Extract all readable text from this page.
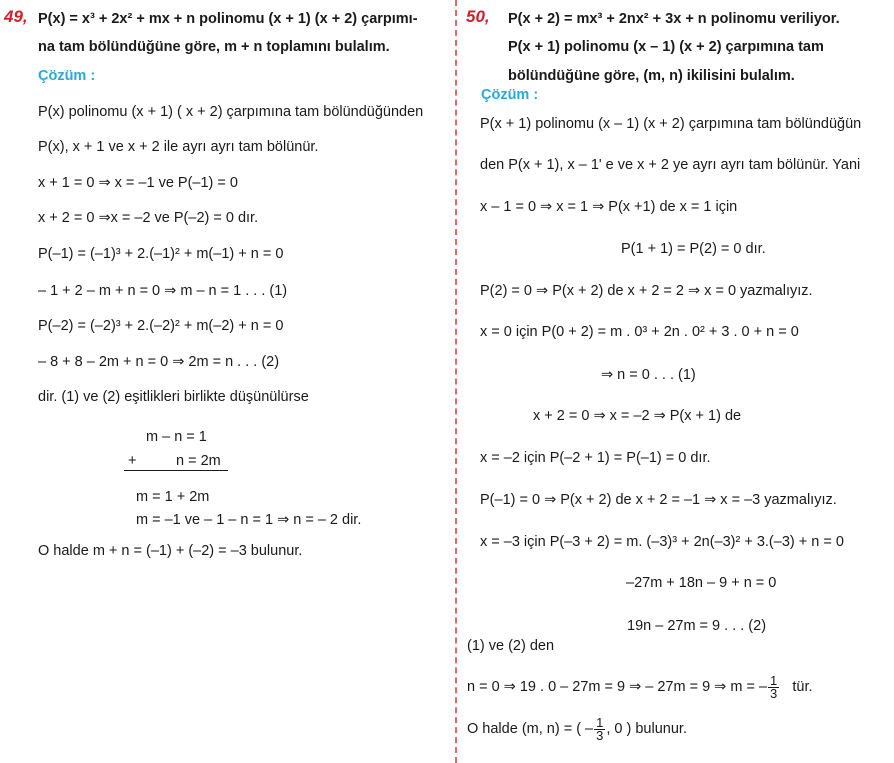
49, P(x) = x³ + 2x² + mx + n polinomu (x + 1) (x + 2) çarpımı-
na tam bölündüğüne göre, m + n toplamını bulalım.
Çözüm :
P(x) polinomu (x + 1) ( x + 2) çarpımına tam bölündüğünden
P(x), x + 1 ve x + 2 ile ayrı ayrı tam bölünür.
x + 1 = 0 ⇒ x = –1 ve P(–1) = 0
x + 2 = 0 ⇒x = –2 ve P(–2) = 0 dır.
P(–1) = (–1)³ + 2.(–1)² + m(–1) + n = 0
– 1 + 2 – m + n = 0 ⇒ m – n = 1 . . . (1)
P(–2) = (–2)³ + 2.(–2)² + m(–2) + n = 0
– 8 + 8 – 2m + n = 0 ⇒ 2m = n . . . (2)
dir. (1) ve (2) eşitlikleri birlikte düşünülürse
m – n = 1
+	n = 2m
m = 1 + 2m
m = –1 ve – 1 – n = 1 ⇒ n = – 2 dir.
O halde m + n = (–1) + (–2) = –3 bulunur.
50, P(x + 2) = mx³ + 2nx² + 3x + n polinomu veriliyor.
P(x + 1) polinomu (x – 1) (x + 2) çarpımına tam
bölündüğüne göre, (m, n) ikilisini bulalım.
Çözüm :
P(x + 1) polinomu (x – 1) (x + 2) çarpımına tam bölündüğün
den P(x + 1), x – 1' e ve x + 2 ye ayrı ayrı tam bölünür. Yani
x – 1 = 0 ⇒ x = 1 ⇒ P(x +1) de x = 1 için
P(1 + 1) = P(2) = 0 dır.
P(2) = 0 ⇒ P(x + 2) de x + 2 = 2 ⇒ x = 0 yazmalıyız.
x = 0 için P(0 + 2) = m . 0³ + 2n . 0² + 3 . 0 + n = 0
⇒ n = 0 . . . (1)
x + 2 = 0 ⇒ x = –2 ⇒ P(x + 1) de
x = –2 için P(–2 + 1) = P(–1) = 0 dır.
P(–1) = 0 ⇒ P(x + 2) de x + 2 = –1 ⇒ x = –3 yazmalıyız.
x = –3 için P(–3 + 2) = m. (–3)³ + 2n(–3)² + 3.(–3) + n = 0
–27m + 18n – 9 + n = 0
19n – 27m = 9 . . . (2)
(1) ve (2) den
n = 0 ⇒ 19 . 0 – 27m = 9 ⇒ – 27m = 9 ⇒ m = – $\frac{1}{3}$ tür.
O halde (m, n) = ( – $\frac{1}{3}$ , 0 ) bulunur.
